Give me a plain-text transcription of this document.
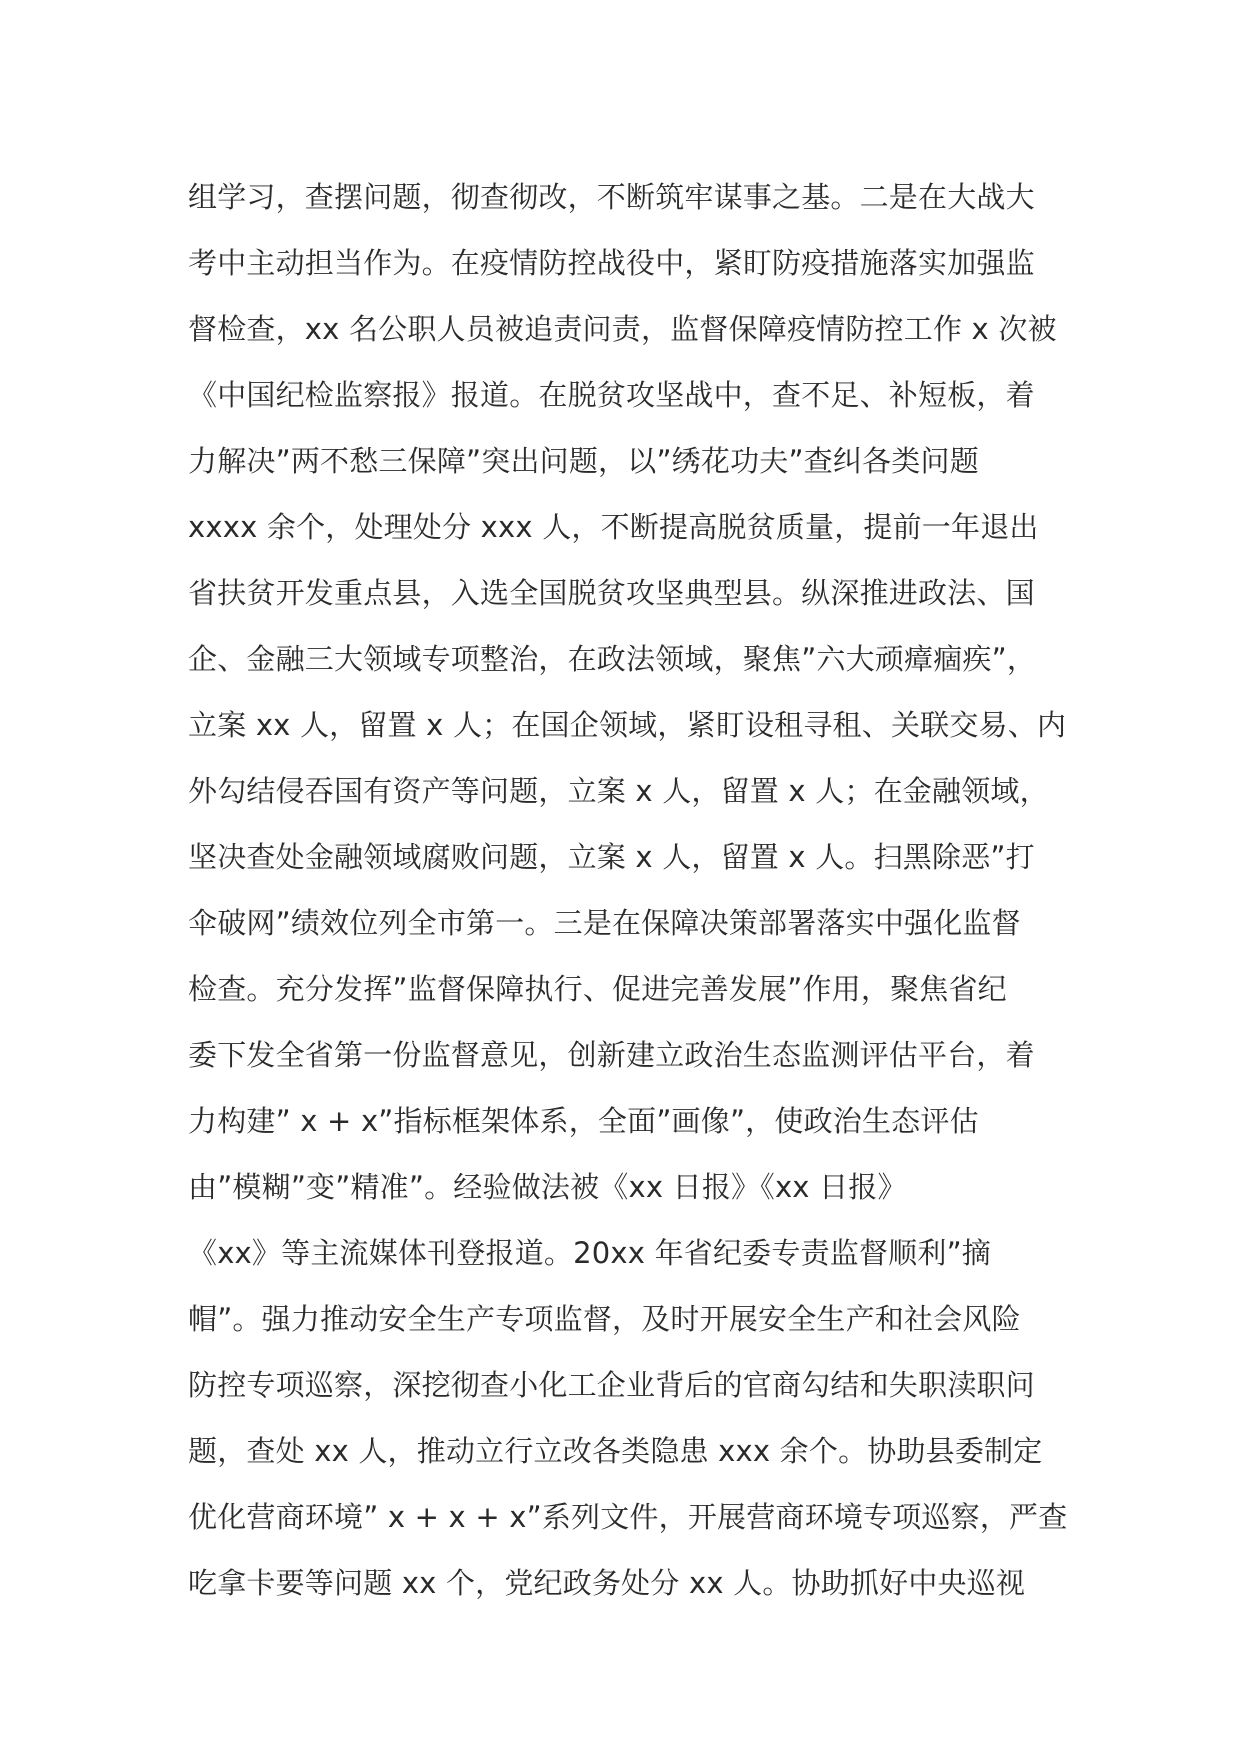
组学习，查摆问题，彻查彻改，不断筑牢谋事之基。二是在大战大
考中主动担当作为。在疫情防控战役中，紧盯防疫措施落实加强监
督检查，xx 名公职人员被追责问责，监督保障疫情防控工作 x 次被
《中国纪检监察报》报道。在脱贫攻坚战中，查不足、补短板，着
力解决”两不愁三保障”突出问题，以”绣花功夫”查纠各类问题
xxxx 余个，处理处分 xxx 人，不断提高脱贫质量，提前一年退出
省扶贫开发重点县，入选全国脱贫攻坚典型县。纵深推进政法、国
企、金融三大领域专项整治，在政法领域，聚焦”六大顽瘴痼疾”，
立案 xx 人，留置 x 人；在国企领域，紧盯设租寻租、关联交易、内
外勾结侵吞国有资产等问题，立案 x 人，留置 x 人；在金融领域，
坚决查处金融领域腐败问题，立案 x 人，留置 x 人。扫黑除恶”打
伞破网”绩效位列全市第一。三是在保障决策部署落实中强化监督
检查。充分发挥”监督保障执行、促进完善发展”作用，聚焦省纪
委下发全省第一份监督意见，创新建立政治生态监测评估平台，着
力构建” x + x”指标框架体系，全面”画像”，使政治生态评估
由”模糊”变”精准”。经验做法被《xx 日报》《xx 日报》
《xx》等主流媒体刊登报道。20xx 年省纪委专责监督顺利”摘
帽”。强力推动安全生产专项监督，及时开展安全生产和社会风险
防控专项巡察，深挖彻查小化工企业背后的官商勾结和失职渎职问
题，查处 xx 人，推动立行立改各类隐患 xxx 余个。协助县委制定
优化营商环境” x + x + x”系列文件，开展营商环境专项巡察，严查
吃拿卡要等问题 xx 个，党纪政务处分 xx 人。协助抓好中央巡视
